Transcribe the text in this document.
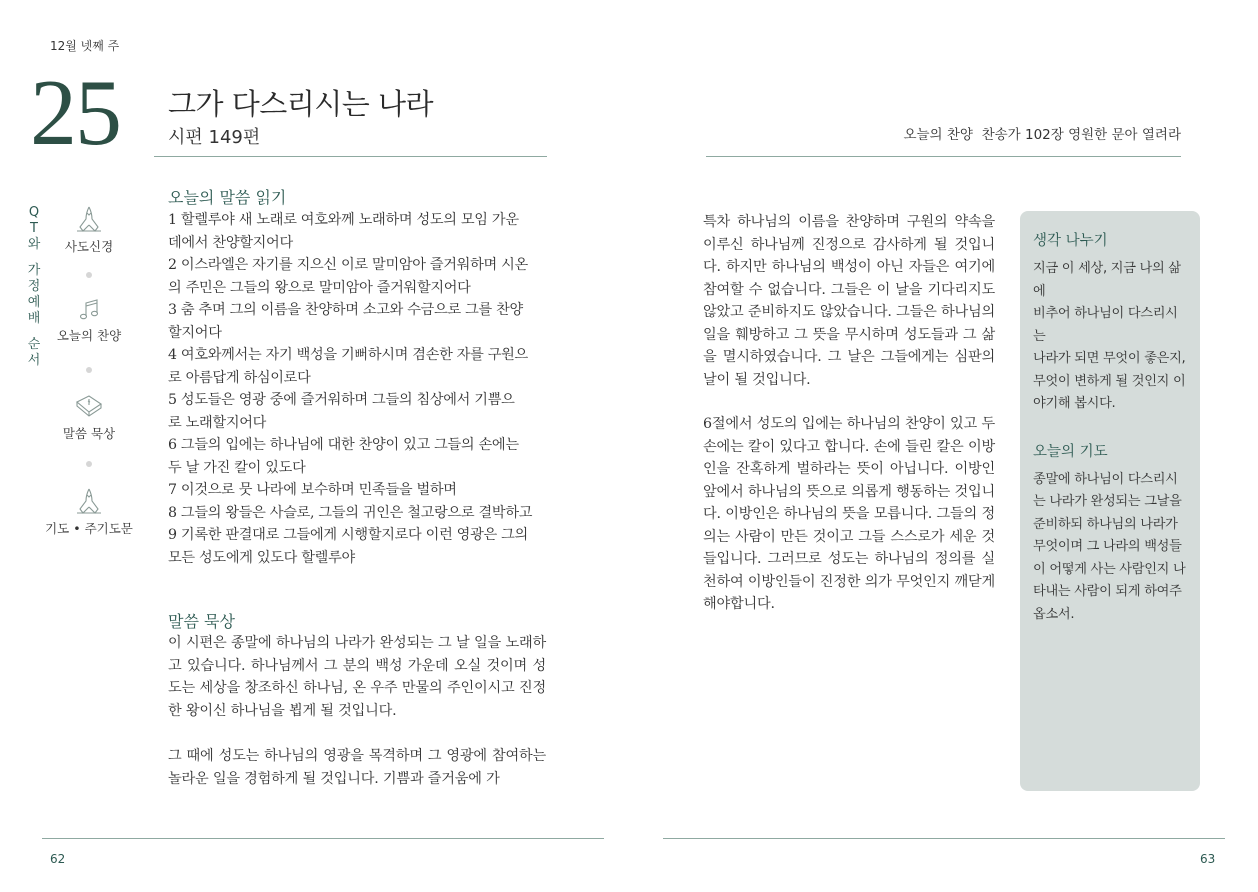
12월 넷째 주
25 그가 다스리시는 나라
시편 149편
Q
T
와
가
정
예
배
순
서
사도신경
오늘의 찬양
말씀 묵상
기도 • 주기도문
오늘의 말씀 읽기
1 할렐루야 새 노래로 여호와께 노래하며 성도의 모임 가운
데에서 찬양할지어다
2 이스라엘은 자기를 지으신 이로 말미암아 즐거워하며 시온
의 주민은 그들의 왕으로 말미암아 즐거워할지어다
3 춤 추며 그의 이름을 찬양하며 소고와 수금으로 그를 찬양
할지어다
4 여호와께서는 자기 백성을 기뻐하시며 겸손한 자를 구원으
로 아름답게 하심이로다
5 성도들은 영광 중에 즐거워하며 그들의 침상에서 기쁨으
로 노래할지어다
6 그들의 입에는 하나님에 대한 찬양이 있고 그들의 손에는
두 날 가진 칼이 있도다
7 이것으로 뭇 나라에 보수하며 민족들을 벌하며
8 그들의 왕들은 사슬로, 그들의 귀인은 철고랑으로 결박하고
9 기록한 판결대로 그들에게 시행할지로다 이런 영광은 그의
모든 성도에게 있도다 할렐루야
말씀 묵상
이 시편은 종말에 하나님의 나라가 완성되는 그 날 일을 노래하고 있습니다. 하나님께서 그 분의 백성 가운데 오실 것이며 성도는 세상을 창조하신 하나님, 온 우주 만물의 주인이시고 진정한 왕이신 하나님을 뵙게 될 것입니다.
그 때에 성도는 하나님의 영광을 목격하며 그 영광에 참여하는 놀라운 일을 경험하게 될 것입니다. 기쁨과 즐거움에 가
62
오늘의 찬양 찬송가 102장 영원한 문아 열려라
특차 하나님의 이름을 찬양하며 구원의 약속을 이루신 하나님께 진정으로 감사하게 될 것입니다. 하지만 하나님의 백성이 아닌 자들은 여기에 참여할 수 없습니다. 그들은 이 날을 기다리지도 않았고 준비하지도 않았습니다. 그들은 하나님의 일을 훼방하고 그 뜻을 무시하며 성도들과 그 삶을 멸시하였습니다. 그 날은 그들에게는 심판의 날이 될 것입니다.
6절에서 성도의 입에는 하나님의 찬양이 있고 두 손에는 칼이 있다고 합니다. 손에 들린 칼은 이방인을 잔혹하게 벌하라는 뜻이 아닙니다. 이방인 앞에서 하나님의 뜻으로 의롭게 행동하는 것입니다. 이방인은 하나님의 뜻을 모릅니다. 그들의 정의는 사람이 만든 것이고 그들 스스로가 세운 것들입니다. 그러므로 성도는 하나님의 정의를 실천하여 이방인들이 진정한 의가 무엇인지 깨닫게 해야합니다.
생각 나누기
지금 이 세상, 지금 나의 삶에
비추어 하나님이 다스리시는
나라가 되면 무엇이 좋은지,
무엇이 변하게 될 것인지 이
야기해 봅시다.
오늘의 기도
종말에 하나님이 다스리시
는 나라가 완성되는 그날을
준비하되 하나님의 나라가
무엇이며 그 나라의 백성들
이 어떻게 사는 사람인지 나
타내는 사람이 되게 하여주
옵소서.
63
